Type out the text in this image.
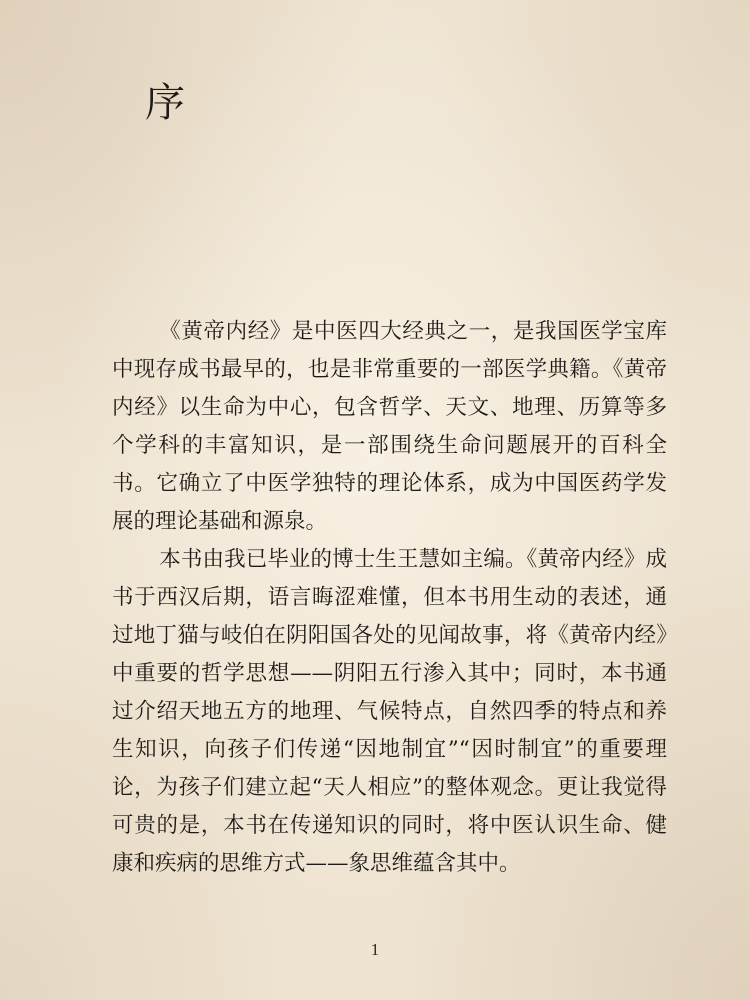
序

《黄帝内经》是中医四大经典之一，是我国医学宝库中现存成书最早的，也是非常重要的一部医学典籍。《黄帝内经》以生命为中心，包含哲学、天文、地理、历算等多个学科的丰富知识，是一部围绕生命问题展开的百科全书。它确立了中医学独特的理论体系，成为中国医药学发展的理论基础和源泉。

本书由我已毕业的博士生王慧如主编。《黄帝内经》成书于西汉后期，语言晦涩难懂，但本书用生动的表述，通过地丁猫与岐伯在阴阳国各处的见闻故事，将《黄帝内经》中重要的哲学思想——阴阳五行渗入其中；同时，本书通过介绍天地五方的地理、气候特点，自然四季的特点和养生知识，向孩子们传递“因地制宜”“因时制宜”的重要理论，为孩子们建立起“天人相应”的整体观念。更让我觉得可贵的是，本书在传递知识的同时，将中医认识生命、健康和疾病的思维方式——象思维蕴含其中。

1
